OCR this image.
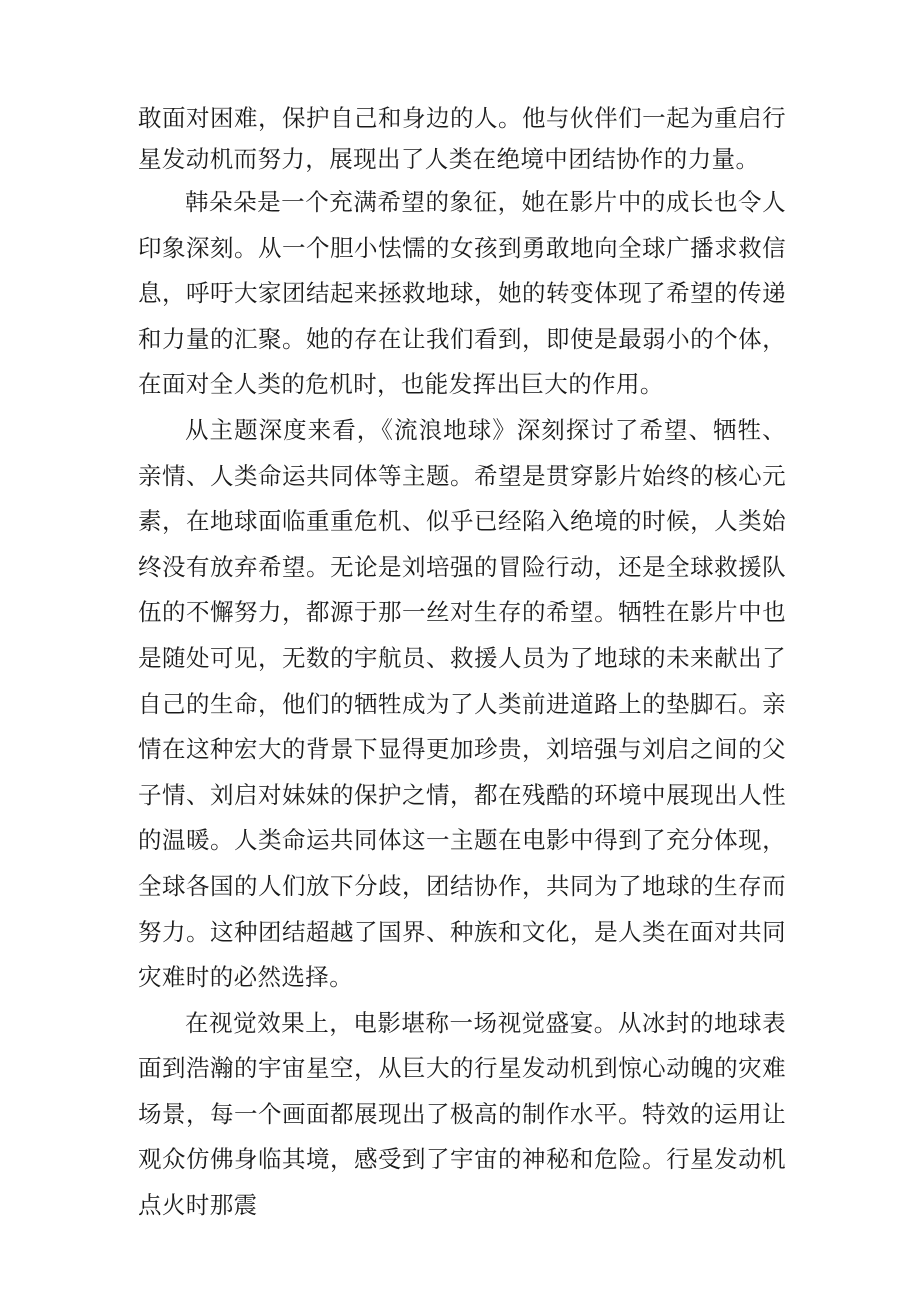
敢面对困难，保护自己和身边的人。他与伙伴们一起为重启行星发动机而努力，展现出了人类在绝境中团结协作的力量。

韩朵朵是一个充满希望的象征，她在影片中的成长也令人印象深刻。从一个胆小怯懦的女孩到勇敢地向全球广播求救信息，呼吁大家团结起来拯救地球，她的转变体现了希望的传递和力量的汇聚。她的存在让我们看到，即使是最弱小的个体，在面对全人类的危机时，也能发挥出巨大的作用。

从主题深度来看，《流浪地球》深刻探讨了希望、牺牲、亲情、人类命运共同体等主题。希望是贯穿影片始终的核心元素，在地球面临重重危机、似乎已经陷入绝境的时候，人类始终没有放弃希望。无论是刘培强的冒险行动，还是全球救援队伍的不懈努力，都源于那一丝对生存的希望。牺牲在影片中也是随处可见，无数的宇航员、救援人员为了地球的未来献出了自己的生命，他们的牺牲成为了人类前进道路上的垫脚石。亲情在这种宏大的背景下显得更加珍贵，刘培强与刘启之间的父子情、刘启对妹妹的保护之情，都在残酷的环境中展现出人性的温暖。人类命运共同体这一主题在电影中得到了充分体现，全球各国的人们放下分歧，团结协作，共同为了地球的生存而努力。这种团结超越了国界、种族和文化，是人类在面对共同灾难时的必然选择。

在视觉效果上，电影堪称一场视觉盛宴。从冰封的地球表面到浩瀚的宇宙星空，从巨大的行星发动机到惊心动魄的灾难场景，每一个画面都展现出了极高的制作水平。特效的运用让观众仿佛身临其境，感受到了宇宙的神秘和危险。行星发动机点火时那震
